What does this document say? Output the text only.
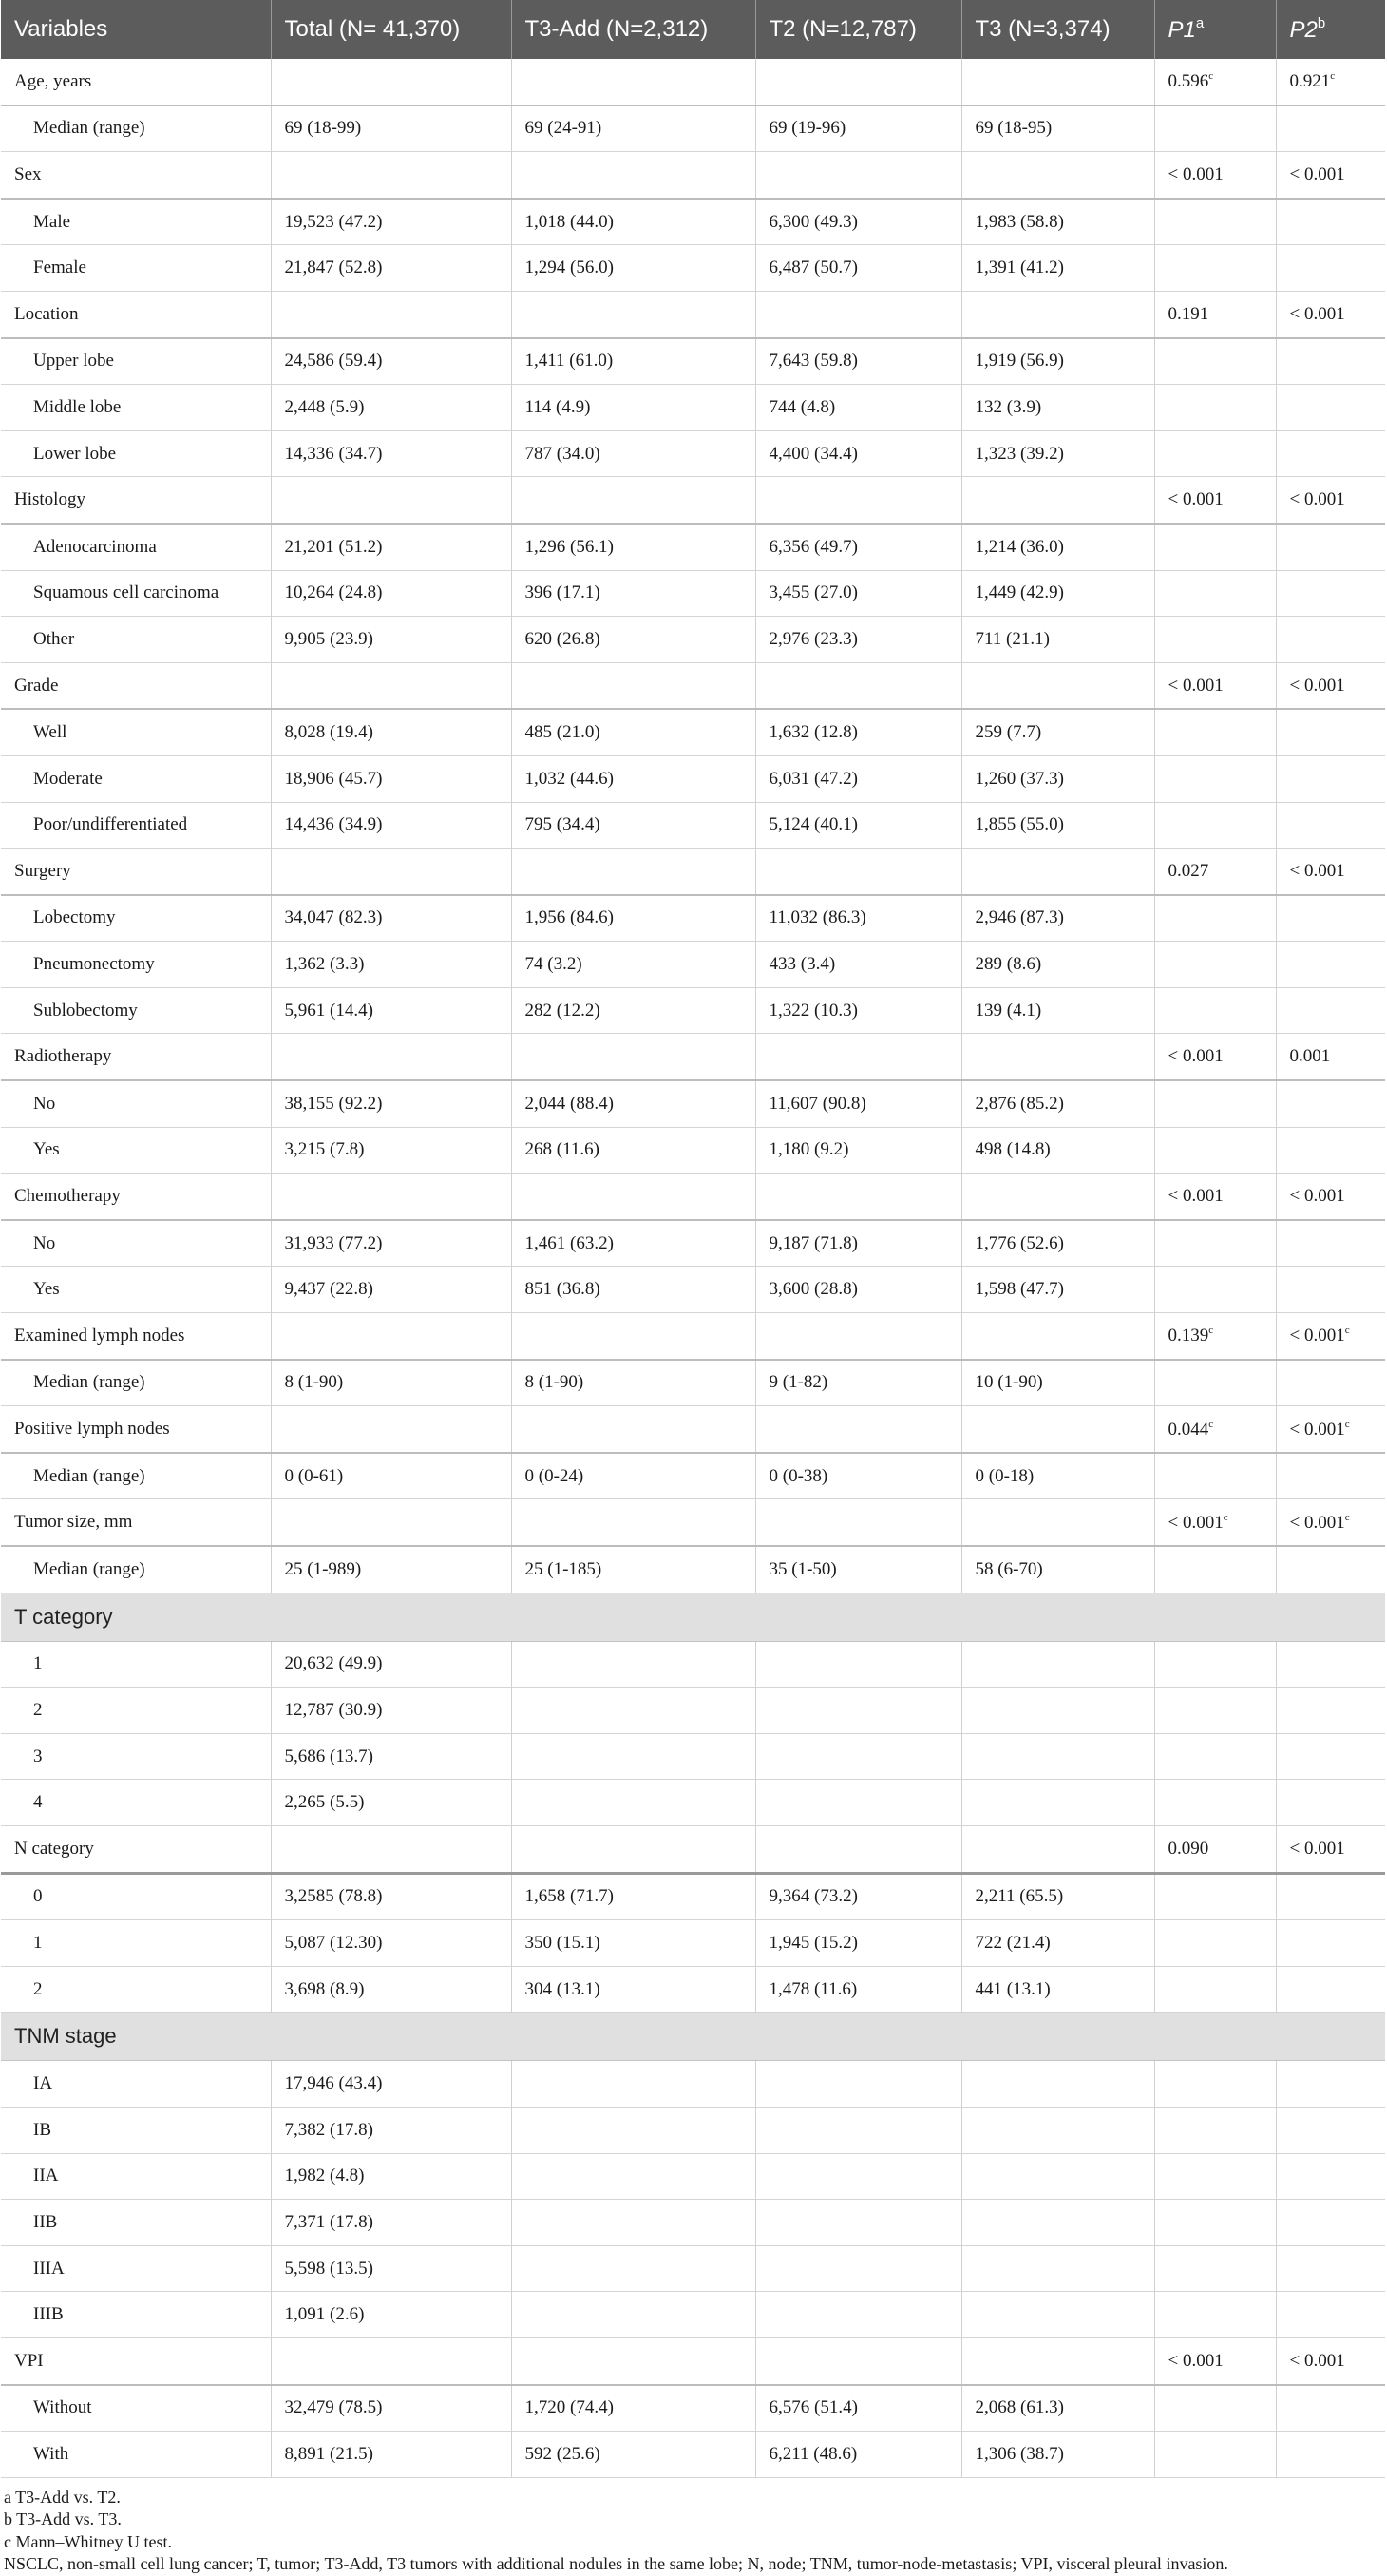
Variables	Total (N= 41,370)	T3-Add (N=2,312)	T2 (N=12,787)	T3 (N=3,374)	P1$^a$	P2$^b$
Age, years					0.596$^c$	0.921$^c$
Median (range)	69 (18-99)	69 (24-91)	69 (19-96)	69 (18-95)		
Sex					< 0.001	< 0.001
Male	19,523 (47.2)	1,018 (44.0)	6,300 (49.3)	1,983 (58.8)		
Female	21,847 (52.8)	1,294 (56.0)	6,487 (50.7)	1,391 (41.2)		
Location					0.191	< 0.001
Upper lobe	24,586 (59.4)	1,411 (61.0)	7,643 (59.8)	1,919 (56.9)		
Middle lobe	2,448 (5.9)	114 (4.9)	744 (4.8)	132 (3.9)		
Lower lobe	14,336 (34.7)	787 (34.0)	4,400 (34.4)	1,323 (39.2)		
Histology					< 0.001	< 0.001
Adenocarcinoma	21,201 (51.2)	1,296 (56.1)	6,356 (49.7)	1,214 (36.0)		
Squamous cell carcinoma	10,264 (24.8)	396 (17.1)	3,455 (27.0)	1,449 (42.9)		
Other	9,905 (23.9)	620 (26.8)	2,976 (23.3)	711 (21.1)		
Grade					< 0.001	< 0.001
Well	8,028 (19.4)	485 (21.0)	1,632 (12.8)	259 (7.7)		
Moderate	18,906 (45.7)	1,032 (44.6)	6,031 (47.2)	1,260 (37.3)		
Poor/undifferentiated	14,436 (34.9)	795 (34.4)	5,124 (40.1)	1,855 (55.0)		
Surgery					0.027	< 0.001
Lobectomy	34,047 (82.3)	1,956 (84.6)	11,032 (86.3)	2,946 (87.3)		
Pneumonectomy	1,362 (3.3)	74 (3.2)	433 (3.4)	289 (8.6)		
Sublobectomy	5,961 (14.4)	282 (12.2)	1,322 (10.3)	139 (4.1)		
Radiotherapy					< 0.001	0.001
No	38,155 (92.2)	2,044 (88.4)	11,607 (90.8)	2,876 (85.2)		
Yes	3,215 (7.8)	268 (11.6)	1,180 (9.2)	498 (14.8)		
Chemotherapy					< 0.001	< 0.001
No	31,933 (77.2)	1,461 (63.2)	9,187 (71.8)	1,776 (52.6)		
Yes	9,437 (22.8)	851 (36.8)	3,600 (28.8)	1,598 (47.7)		
Examined lymph nodes					0.139$^c$	< 0.001$^c$
Median (range)	8 (1-90)	8 (1-90)	9 (1-82)	10 (1-90)		
Positive lymph nodes					0.044$^c$	< 0.001$^c$
Median (range)	0 (0-61)	0 (0-24)	0 (0-38)	0 (0-18)		
Tumor size, mm					< 0.001$^c$	< 0.001$^c$
Median (range)	25 (1-989)	25 (1-185)	35 (1-50)	58 (6-70)		
T category						
1	20,632 (49.9)					
2	12,787 (30.9)					
3	5,686 (13.7)					
4	2,265 (5.5)					
N category					0.090	< 0.001
0	3,2585 (78.8)	1,658 (71.7)	9,364 (73.2)	2,211 (65.5)		
1	5,087 (12.30)	350 (15.1)	1,945 (15.2)	722 (21.4)		
2	3,698 (8.9)	304 (13.1)	1,478 (11.6)	441 (13.1)		
TNM stage						
IA	17,946 (43.4)					
IB	7,382 (17.8)					
IIA	1,982 (4.8)					
IIB	7,371 (17.8)					
IIIA	5,598 (13.5)					
IIIB	1,091 (2.6)					
VPI					< 0.001	< 0.001
Without	32,479 (78.5)	1,720 (74.4)	6,576 (51.4)	2,068 (61.3)		
With	8,891 (21.5)	592 (25.6)	6,211 (48.6)	1,306 (38.7)		
a T3-Add vs. T2.
b T3-Add vs. T3.
c Mann–Whitney U test.
NSCLC, non-small cell lung cancer; T, tumor; T3-Add, T3 tumors with additional nodules in the same lobe; N, node; TNM, tumor-node-metastasis; VPI, visceral pleural invasion.
